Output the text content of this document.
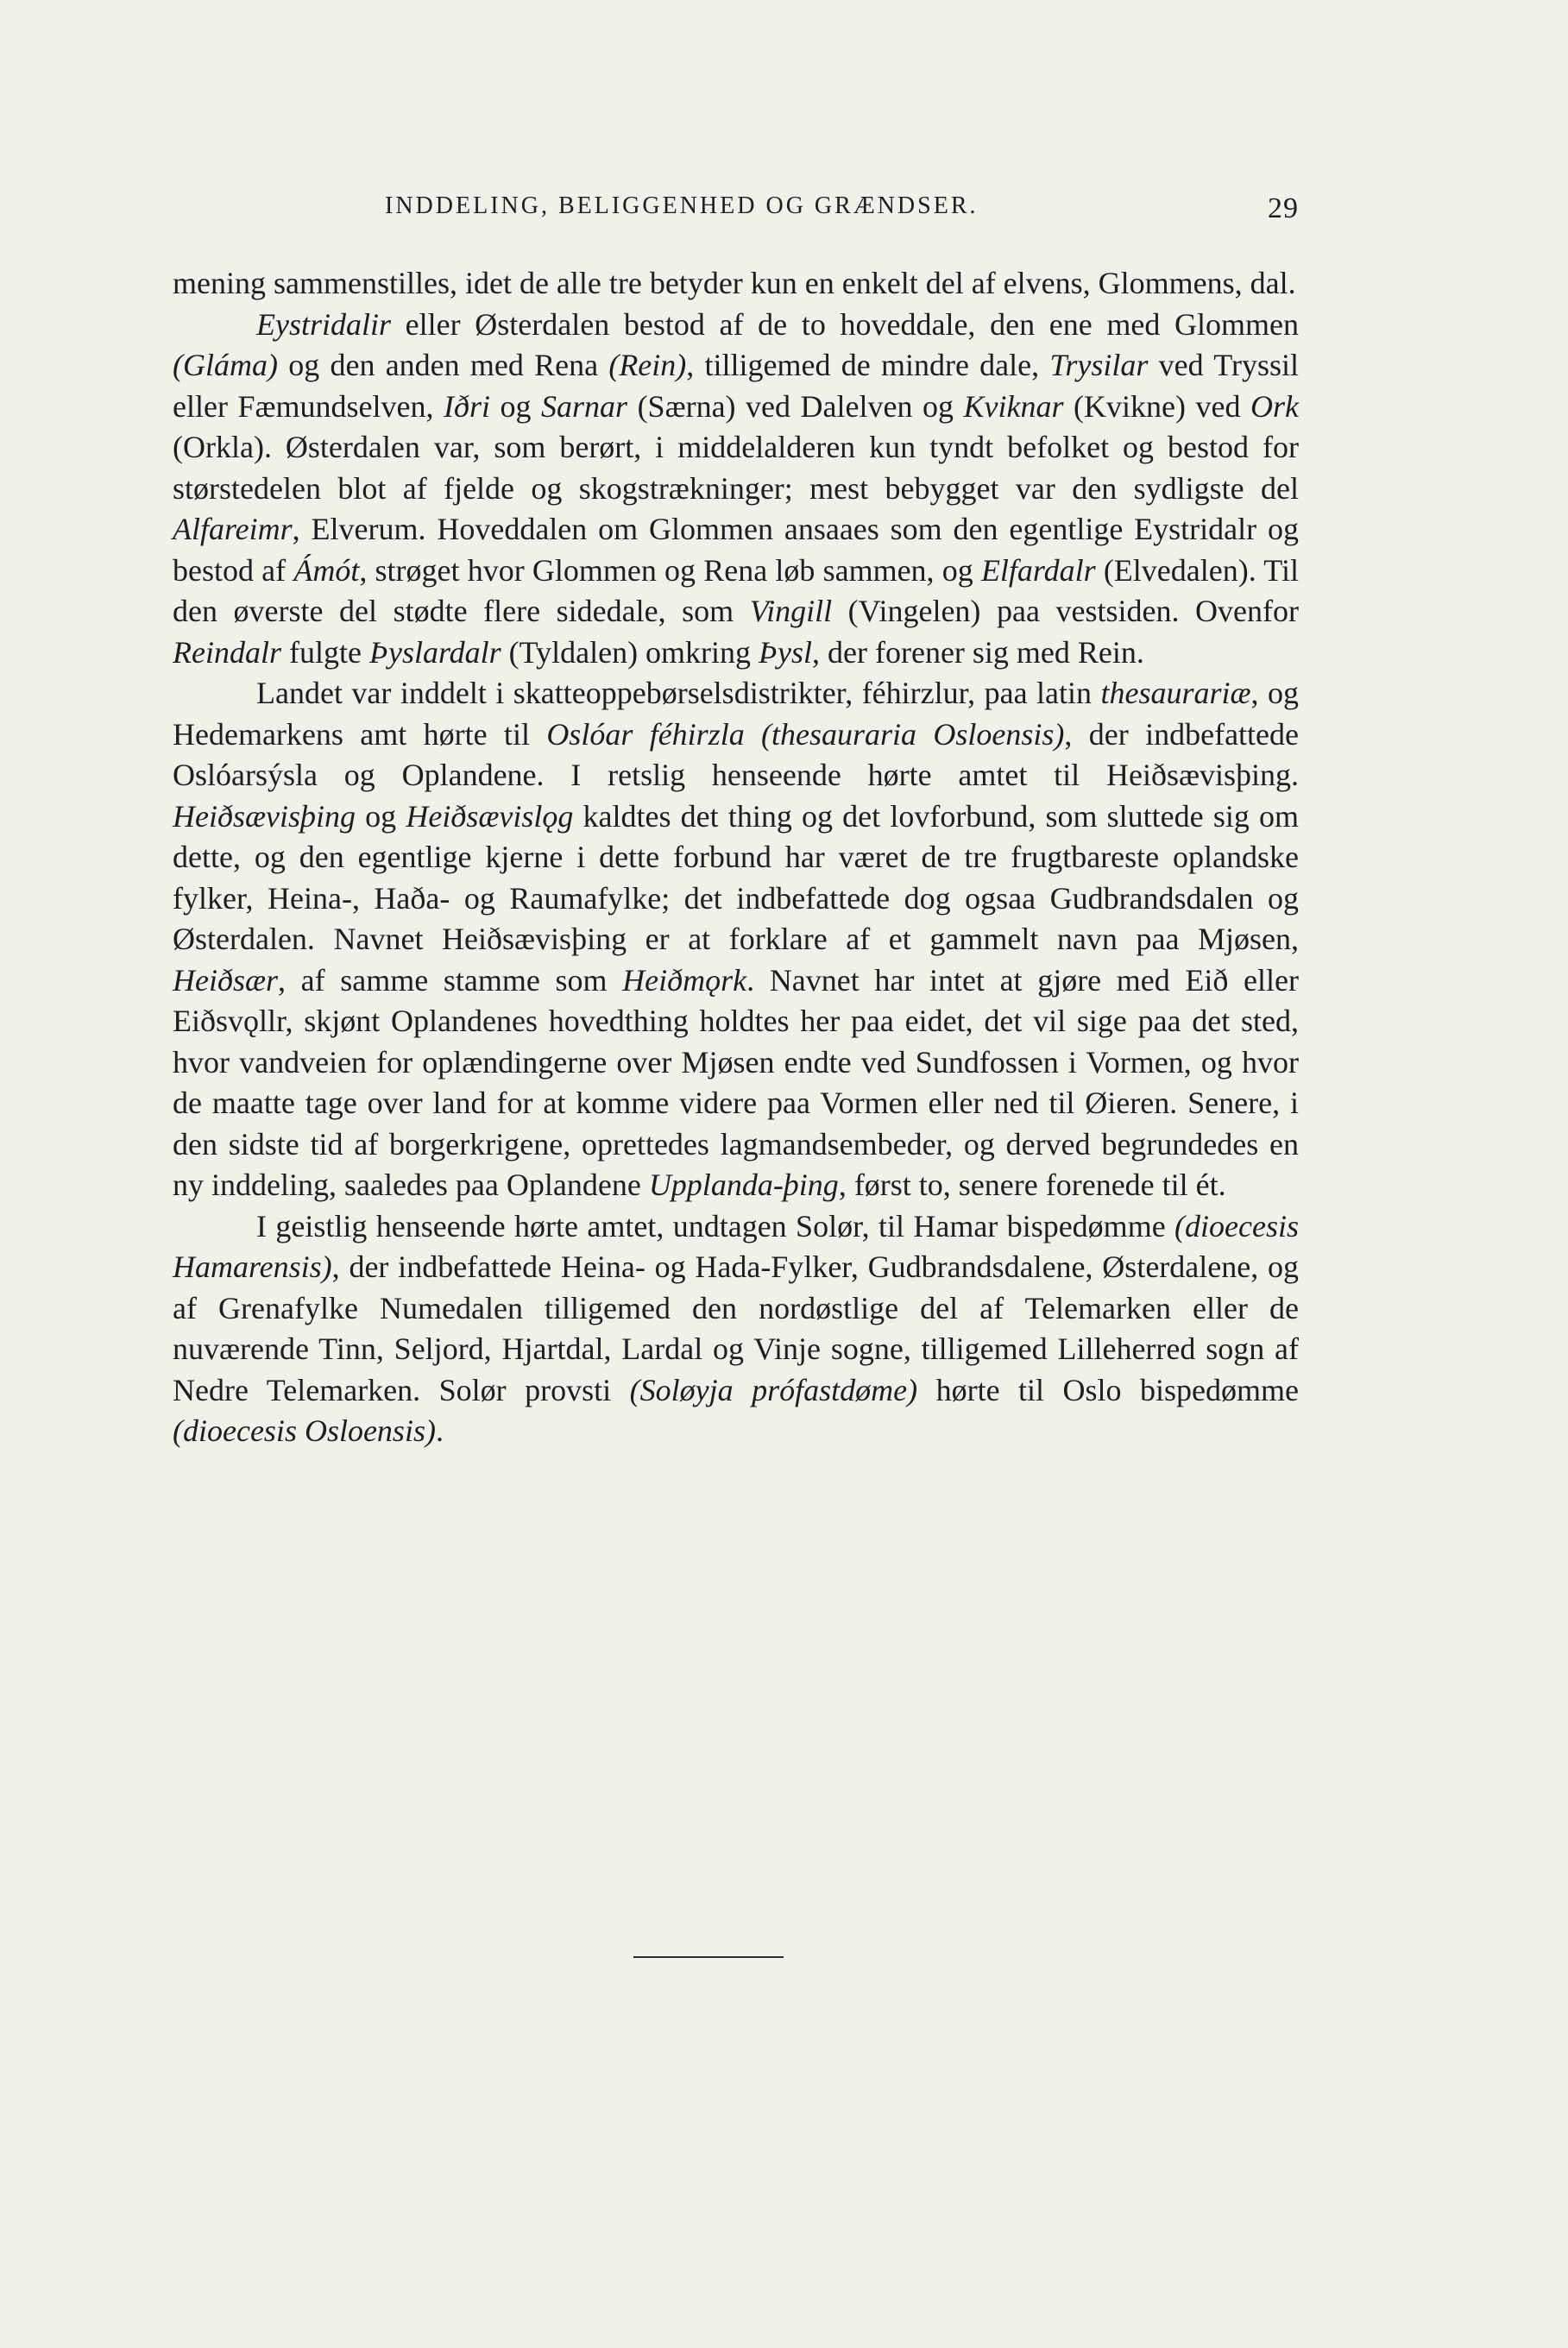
INDDELING, BELIGGENHED OG GRÆNDSER.	29

mening sammenstilles, idet de alle tre betyder kun en enkelt del af elvens, Glommens, dal.

Eystridalir eller Østerdalen bestod af de to hoveddale, den ene med Glommen (Gláma) og den anden med Rena (Rein), tilligemed de mindre dale, Trysilar ved Tryssil eller Fæmundselven, Iðri og Sarnar (Særna) ved Dalelven og Kviknar (Kvikne) ved Ork (Orkla). Østerdalen var, som berørt, i middelalderen kun tyndt befolket og bestod for størstedelen blot af fjelde og skogstrækninger; mest bebygget var den sydligste del Alfareimr, Elverum. Hoveddalen om Glommen ansaaes som den egentlige Eystridalr og bestod af Ámót, strøget hvor Glommen og Rena løb sammen, og Elfardalr (Elvedalen). Til den øverste del stødte flere sidedale, som Vingill (Vingelen) paa vestsiden. Ovenfor Reindalr fulgte Þyslardalr (Tyldalen) omkring Þysl, der forener sig med Rein.

Landet var inddelt i skatteoppebørselsdistrikter, féhirzlur, paa latin thesaurariæ, og Hedemarkens amt hørte til Oslóar féhirzla (thesauraria Osloensis), der indbefattede Oslóarsýsla og Oplandene. I retslig henseende hørte amtet til Heiðsævisþing. Heiðsævisþing og Heiðsævislǫg kaldtes det thing og det lovforbund, som sluttede sig om dette, og den egentlige kjerne i dette forbund har været de tre frugtbareste oplandske fylker, Heina-, Haða- og Raumafylke; det indbefattede dog ogsaa Gudbrandsdalen og Østerdalen. Navnet Heiðsævisþing er at forklare af et gammelt navn paa Mjøsen, Heiðsær, af samme stamme som Heiðmǫrk. Navnet har intet at gjøre med Eið eller Eiðsvǫllr, skjønt Oplandenes hovedthing holdtes her paa eidet, det vil sige paa det sted, hvor vandveien for oplændingerne over Mjøsen endte ved Sundfossen i Vormen, og hvor de maatte tage over land for at komme videre paa Vormen eller ned til Øieren. Senere, i den sidste tid af borgerkrigene, oprettedes lagmandsembeder, og derved begrundedes en ny inddeling, saaledes paa Oplandene Upplanda-þing, først to, senere forenede til ét.

I geistlig henseende hørte amtet, undtagen Solør, til Hamar bispedømme (dioecesis Hamarensis), der indbefattede Heina- og Hada-Fylker, Gudbrandsdalene, Østerdalene, og af Grenafylke Numedalen tilligemed den nordøstlige del af Telemarken eller de nuværende Tinn, Seljord, Hjartdal, Lardal og Vinje sogne, tilligemed Lilleherred sogn af Nedre Telemarken. Solør provsti (Soløyja prófastdøme) hørte til Oslo bispedømme (dioecesis Osloensis).
